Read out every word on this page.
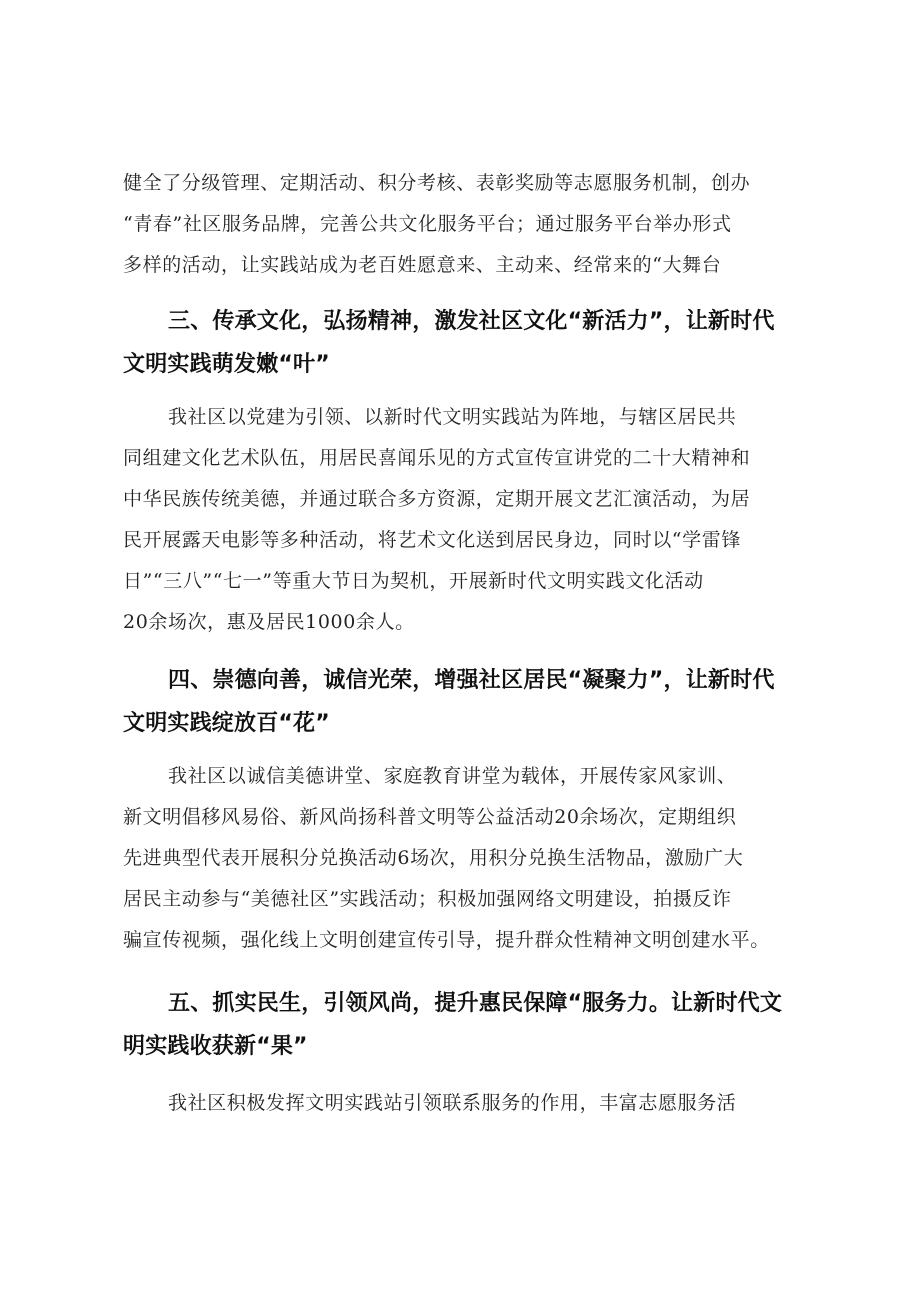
健全了分级管理、定期活动、积分考核、表彰奖励等志愿服务机制，创办
“青春”社区服务品牌，完善公共文化服务平台；通过服务平台举办形式
多样的活动，让实践站成为老百姓愿意来、主动来、经常来的“大舞台
三、传承文化，弘扬精神，激发社区文化“新活力”，让新时代
文明实践萌发嫩“叶”
我社区以党建为引领、以新时代文明实践站为阵地，与辖区居民共
同组建文化艺术队伍，用居民喜闻乐见的方式宣传宣讲党的二十大精神和
中华民族传统美德，并通过联合多方资源，定期开展文艺汇演活动，为居
民开展露天电影等多种活动，将艺术文化送到居民身边，同时以“学雷锋
日”“三八”“七一”等重大节日为契机，开展新时代文明实践文化活动
20余场次，惠及居民1000余人。
四、崇德向善，诚信光荣，增强社区居民“凝聚力”，让新时代
文明实践绽放百“花”
我社区以诚信美德讲堂、家庭教育讲堂为载体，开展传家风家训、
新文明倡移风易俗、新风尚扬科普文明等公益活动20余场次，定期组织
先进典型代表开展积分兑换活动6场次，用积分兑换生活物品，激励广大
居民主动参与“美德社区”实践活动；积极加强网络文明建设，拍摄反诈
骗宣传视频，强化线上文明创建宣传引导，提升群众性精神文明创建水平。
五、抓实民生，引领风尚，提升惠民保障“服务力。让新时代文
明实践收获新“果”
我社区积极发挥文明实践站引领联系服务的作用，丰富志愿服务活
